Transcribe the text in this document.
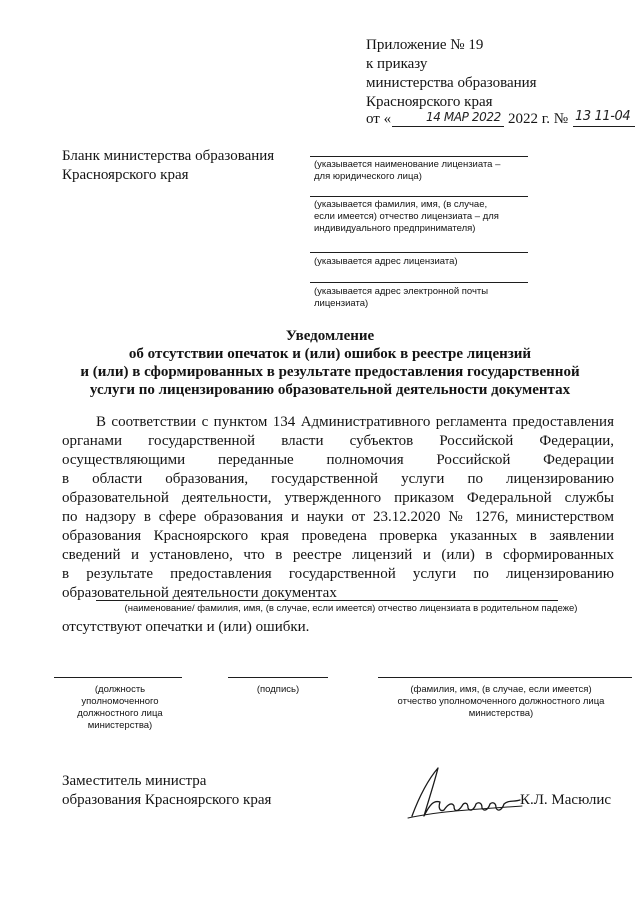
Приложение № 19
к приказу
министерства образования
Красноярского края
от «	14 МАР 2022 2022 г. № 13 11-04
Бланк министерства образования
Красноярского края
(указывается наименование лицензиата –
для юридического лица)
(указывается фамилия, имя, (в случае,
если имеется) отчество лицензиата – для
индивидуального предпринимателя)
(указывается адрес лицензиата)
(указывается адрес электронной почты
лицензиата)
Уведомление
об отсутствии опечаток и (или) ошибок в реестре лицензий
и (или) в сформированных в результате предоставления государственной
услуги по лицензированию образовательной деятельности документах
В соответствии с пунктом 134 Административного регламента предоставления
органами государственной власти субъектов Российской Федерации,
осуществляющими переданные полномочия Российской Федерации
в области образования, государственной услуги по лицензированию
образовательной деятельности, утвержденного приказом Федеральной службы
по надзору в сфере образования и науки от 23.12.2020 № 1276, министерством
образования Красноярского края проведена проверка указанных в заявлении
сведений и установлено, что в реестре лицензий и (или) в сформированных
в результате предоставления государственной услуги по лицензированию
образовательной деятельности документах
(наименование/ фамилия, имя, (в случае, если имеется) отчество лицензиата в родительном падеже)
отсутствуют опечатки и (или) ошибки.
(должность
уполномоченного
должностного лица
министерства)
(подпись)	(фамилия, имя, (в случае, если имеется)
отчество уполномоченного должностного лица
министерства)
Заместитель министра
образования Красноярского края	К.Л. Масюлис
